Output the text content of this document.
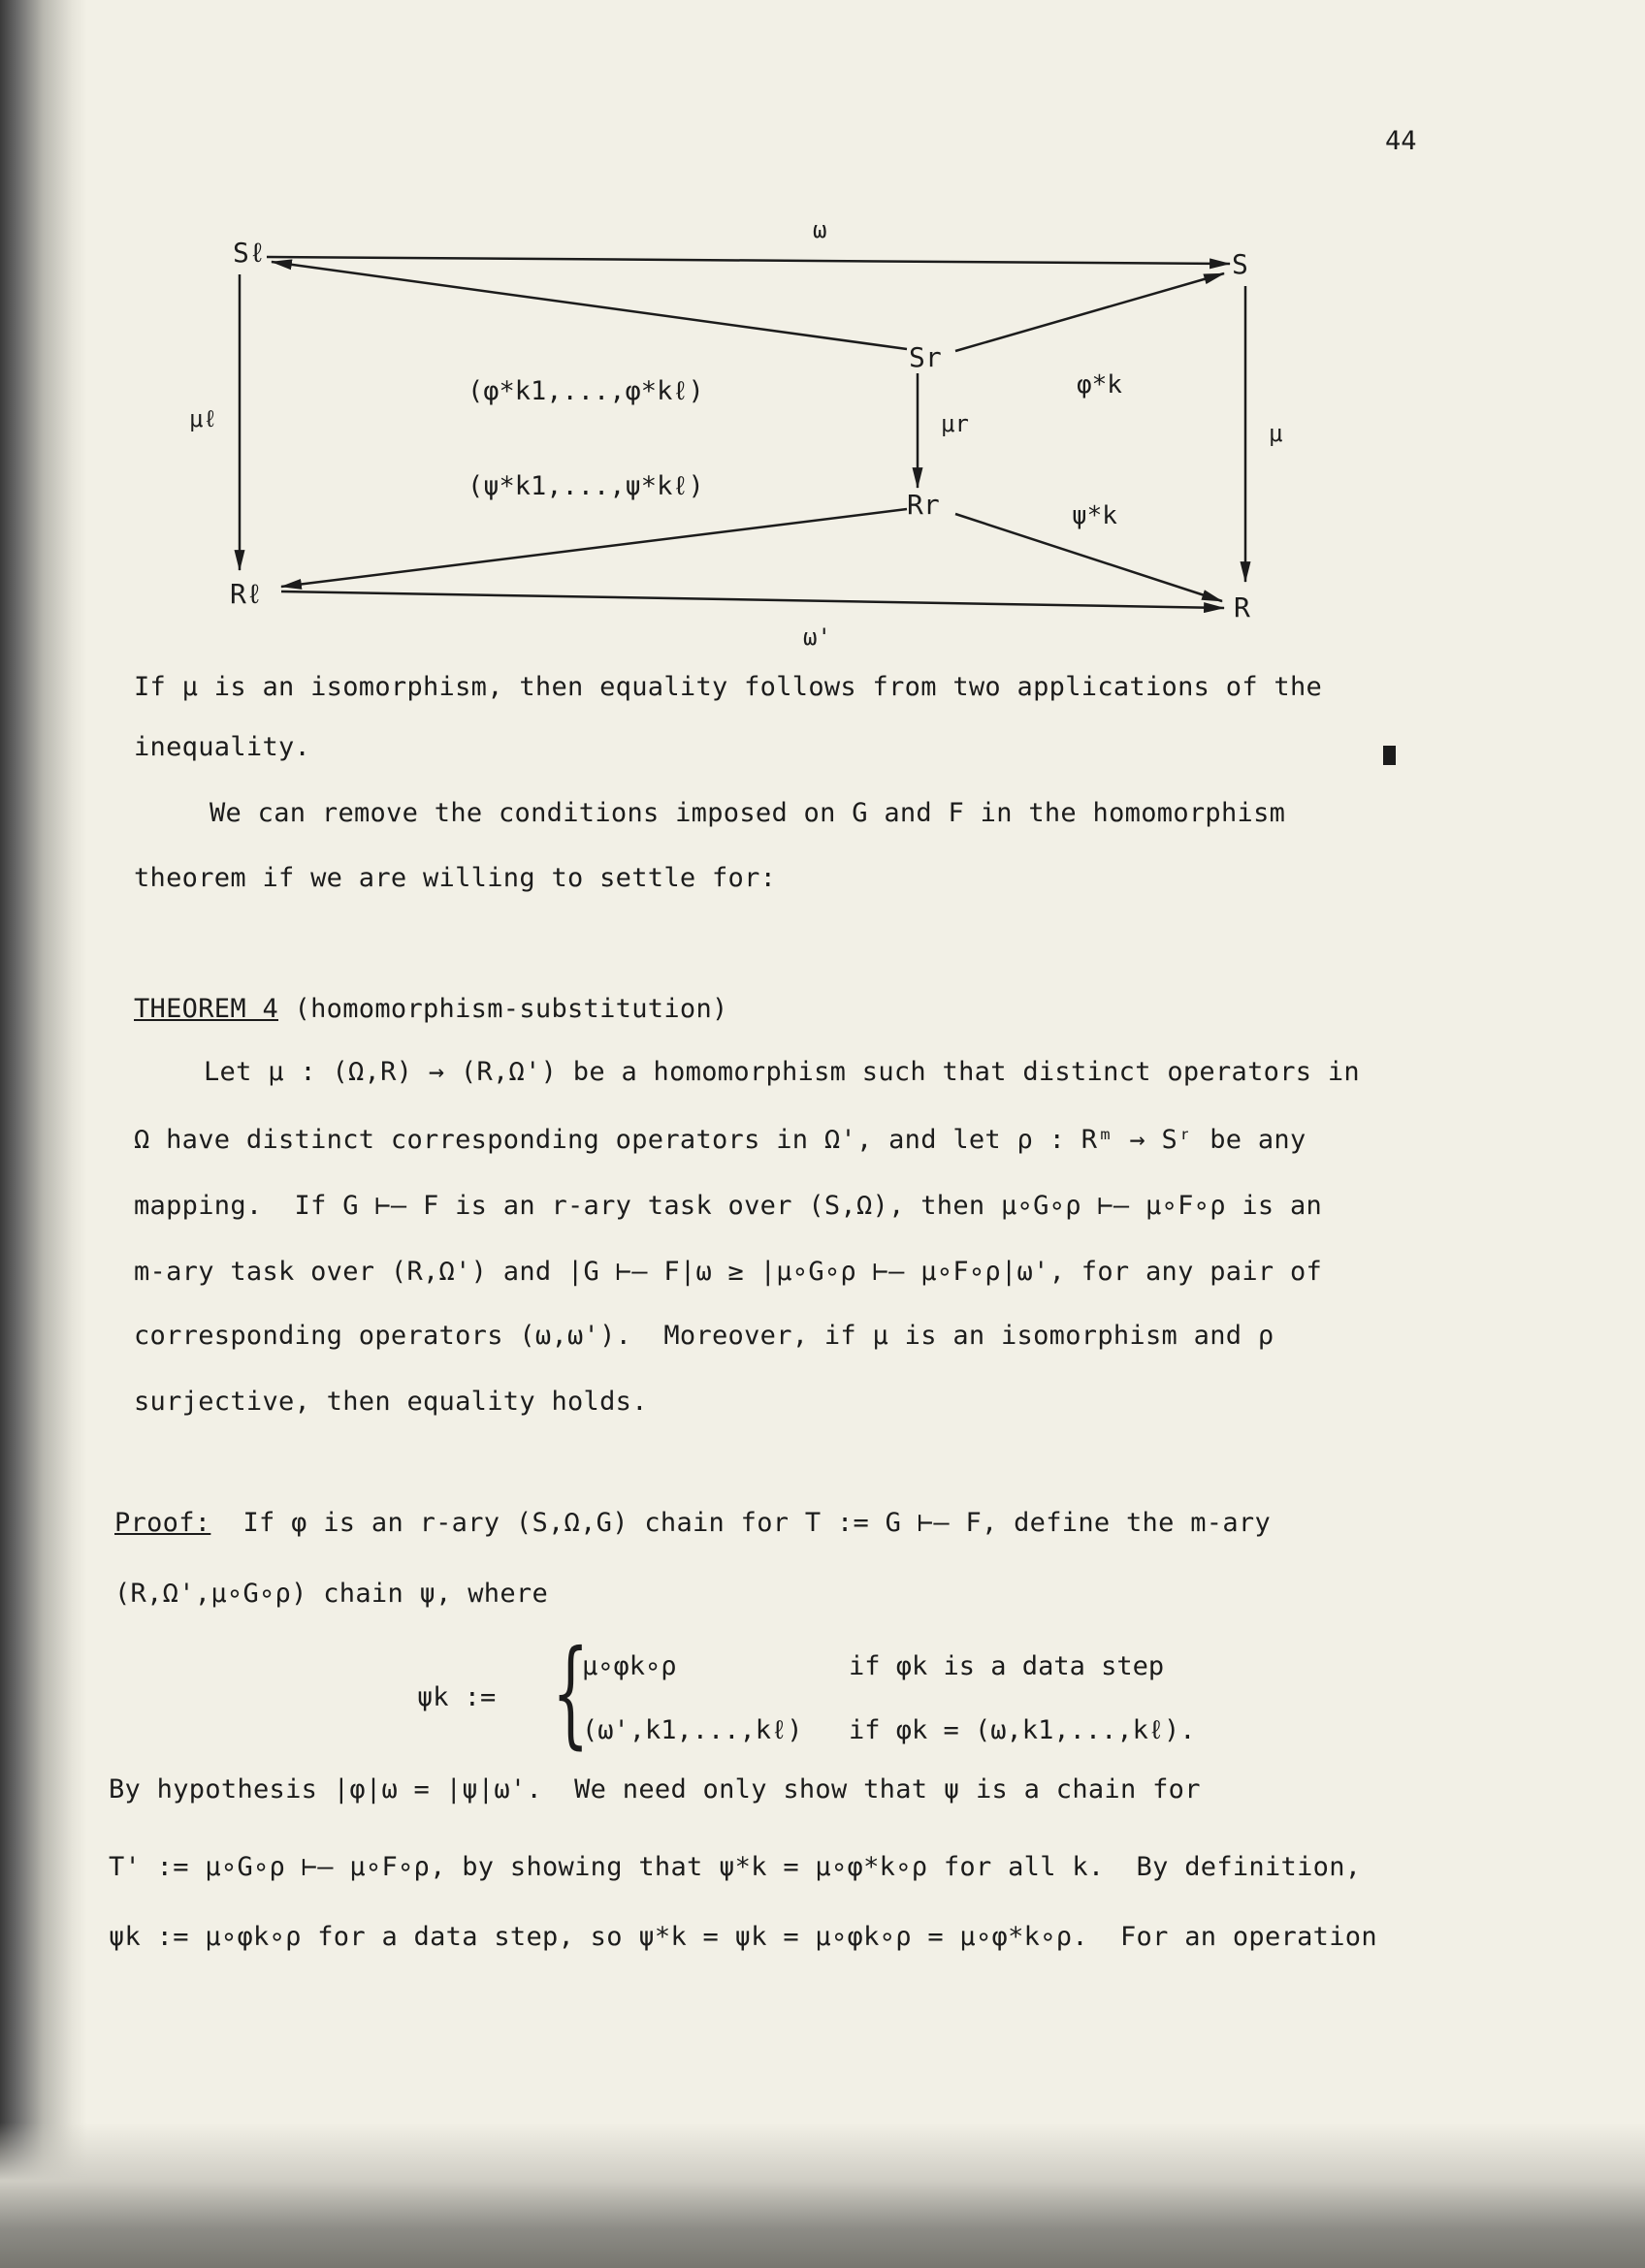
44
Sℓ	S
Sr
Rr
Rℓ	R
ω
ω'
μℓ	μr	μ
(φ*k1,...,φ*kℓ)
(ψ*k1,...,ψ*kℓ)
φ*k
ψ*k
If μ is an isomorphism, then equality follows from two applications of the
inequality.
We can remove the conditions imposed on G and F in the homomorphism
theorem if we are willing to settle for:
THEOREM 4 (homomorphism-substitution)
Let μ : (Ω,R) → (R,Ω') be a homomorphism such that distinct operators in
Ω have distinct corresponding operators in Ω', and let ρ : Rᵐ → Sʳ be any
mapping.  If G ⊢— F is an r-ary task over (S,Ω), then μ∘G∘ρ ⊢— μ∘F∘ρ is an
m-ary task over (R,Ω') and |G ⊢— F|ω ≥ |μ∘G∘ρ ⊢— μ∘F∘ρ|ω', for any pair of
corresponding operators (ω,ω').  Moreover, if μ is an isomorphism and ρ
surjective, then equality holds.
Proof:  If φ is an r-ary (S,Ω,G) chain for T := G ⊢— F, define the m-ary
(R,Ω',μ∘G∘ρ) chain ψ, where
ψk := {
μ∘φk∘ρ	if φk is a data step
(ω',k1,...,kℓ) if φk = (ω,k1,...,kℓ).
By hypothesis |φ|ω = |ψ|ω'.  We need only show that ψ is a chain for
T' := μ∘G∘ρ ⊢— μ∘F∘ρ, by showing that ψ*k = μ∘φ*k∘ρ for all k.  By definition,
ψk := μ∘φk∘ρ for a data step, so ψ*k = ψk = μ∘φk∘ρ = μ∘φ*k∘ρ.  For an operation
